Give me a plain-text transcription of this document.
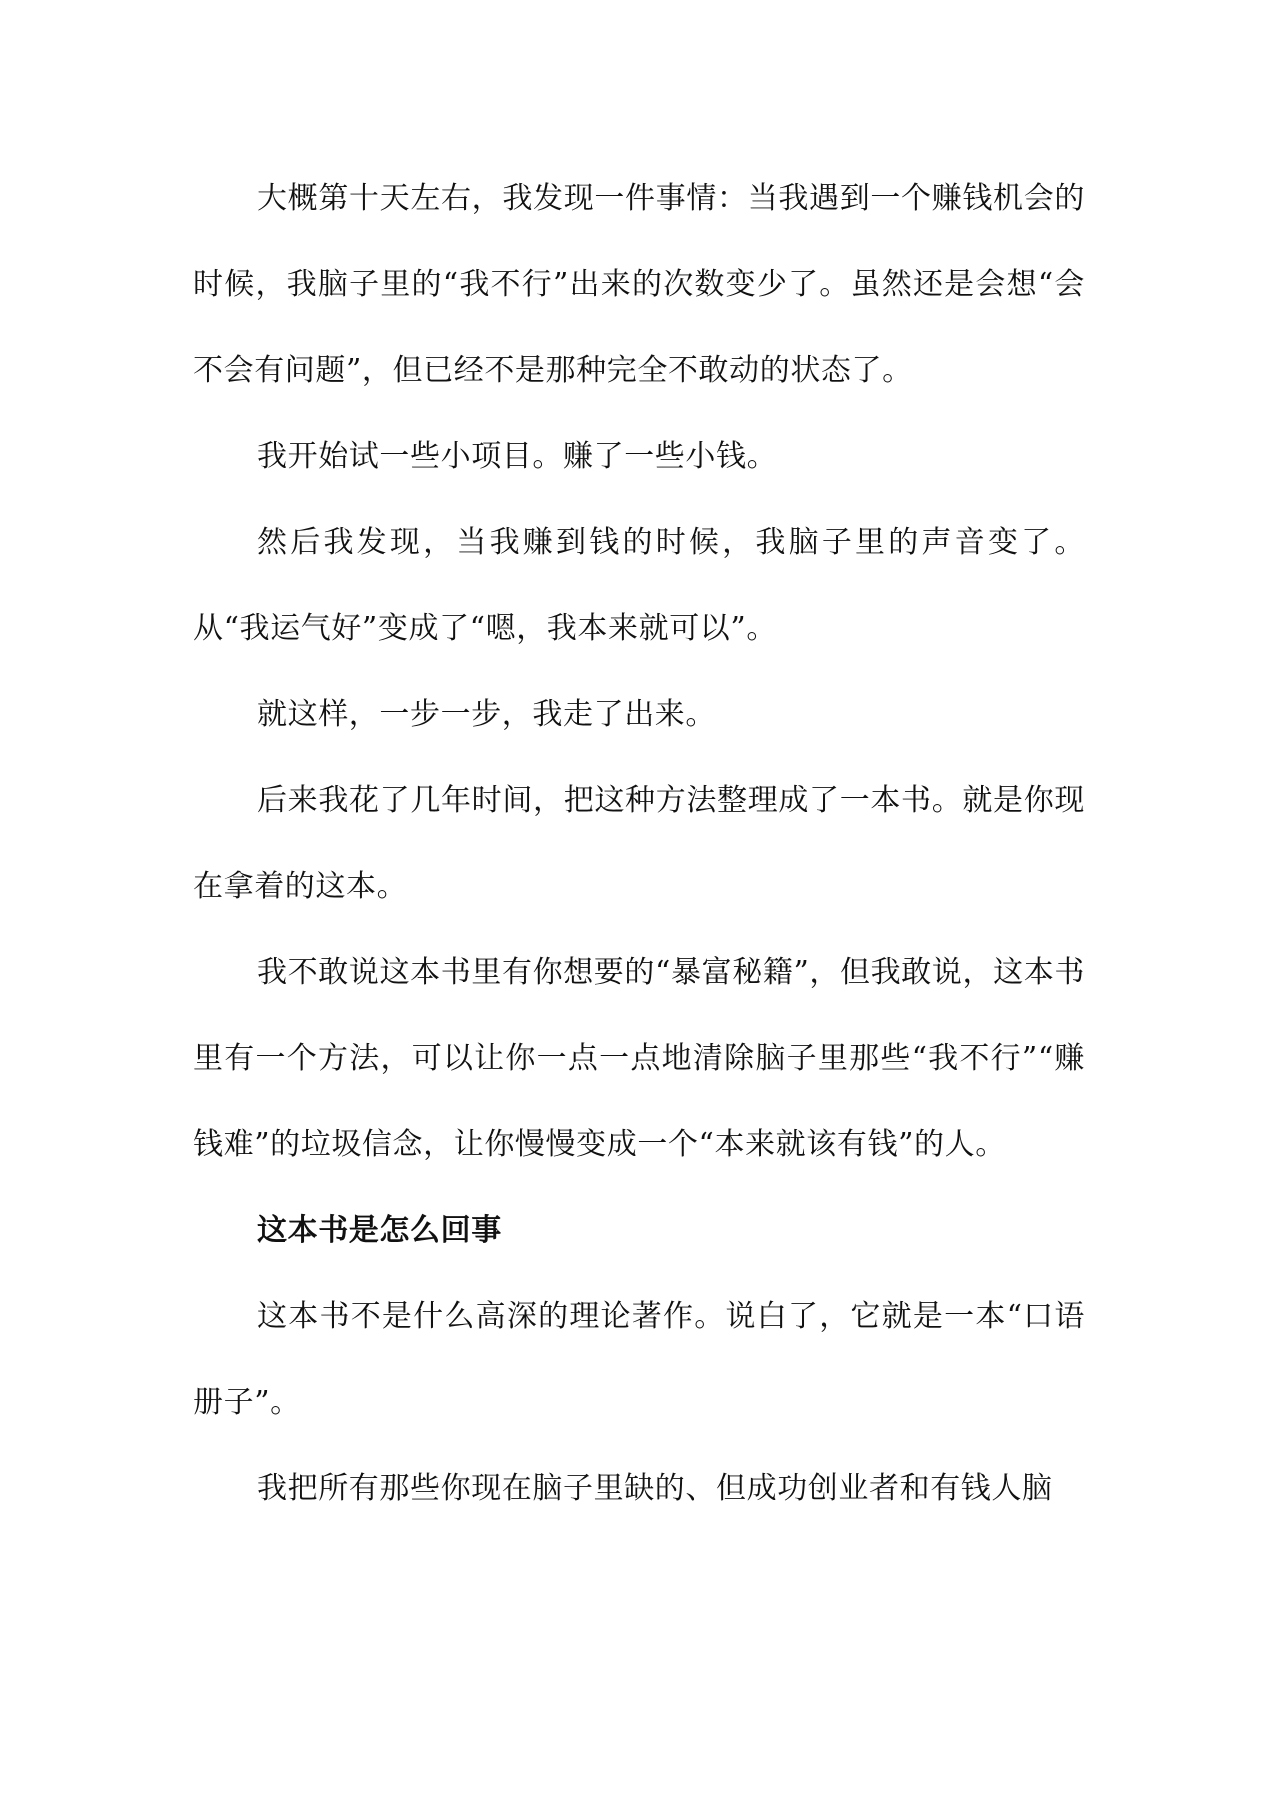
大概第十天左右，我发现一件事情：当我遇到一个赚钱机会的时候，我脑子里的“我不行”出来的次数变少了。虽然还是会想“会不会有问题”，但已经不是那种完全不敢动的状态了。

我开始试一些小项目。赚了一些小钱。

然后我发现，当我赚到钱的时候，我脑子里的声音变了。从“我运气好”变成了“嗯，我本来就可以”。

就这样，一步一步，我走了出来。

后来我花了几年时间，把这种方法整理成了一本书。就是你现在拿着的这本。

我不敢说这本书里有你想要的“暴富秘籍”，但我敢说，这本书里有一个方法，可以让你一点一点地清除脑子里那些“我不行”“赚钱难”的垃圾信念，让你慢慢变成一个“本来就该有钱”的人。

这本书是怎么回事

这本书不是什么高深的理论著作。说白了，它就是一本“口语册子”。

我把所有那些你现在脑子里缺的、但成功创业者和有钱人脑
